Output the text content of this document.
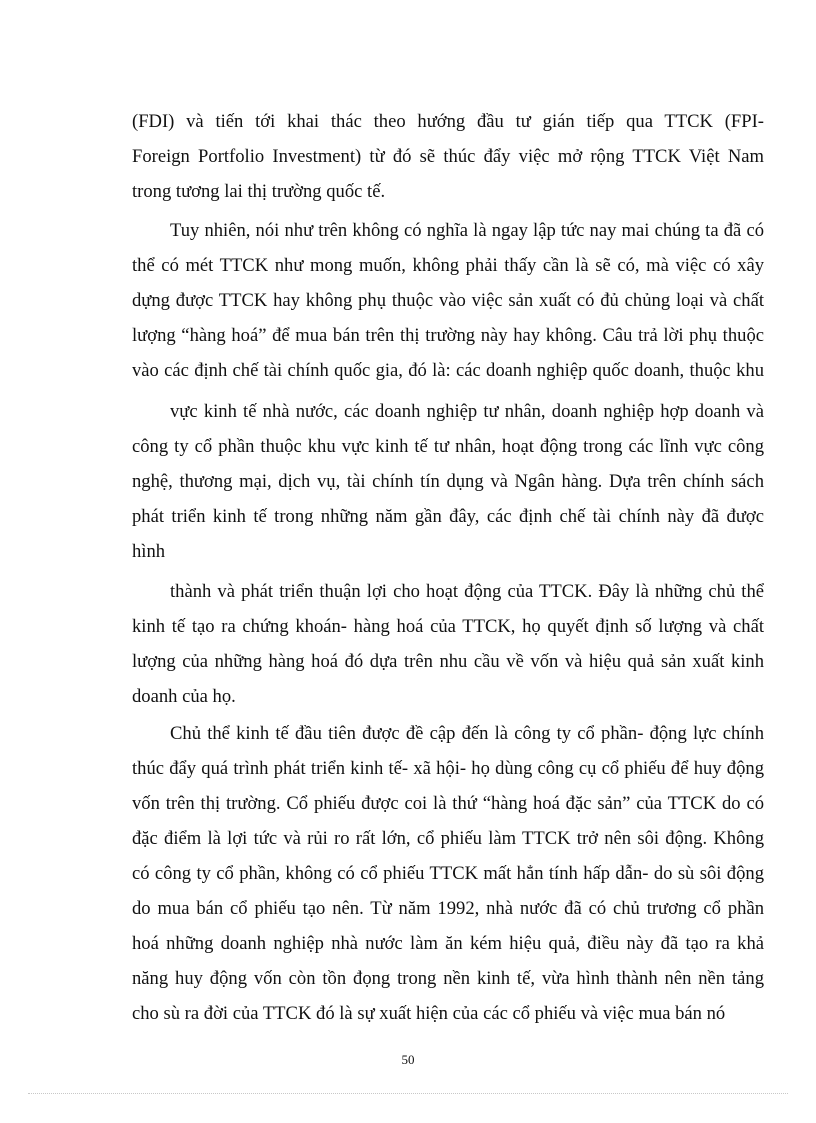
(FDI) và tiến tới khai thác theo hướng đầu tư gián tiếp qua TTCK (FPI-

Foreign Portfolio Investment) từ đó sẽ thúc đẩy việc mở rộng TTCK Việt Nam

trong tương lai thị trường quốc tế.

Tuy nhiên, nói như trên không có nghĩa là ngay lập tức nay mai chúng ta đã có

thể có mét TTCK như mong muốn, không phải thấy cần là sẽ có, mà việc có xây

dựng được TTCK hay không phụ thuộc vào việc sản xuất có đủ chủng loại và chất

lượng “hàng hoá” để mua bán trên thị trường này hay không. Câu trả lời phụ thuộc

vào các định chế tài chính quốc gia, đó là: các doanh nghiệp quốc doanh, thuộc khu

vực kinh tế nhà nước, các doanh nghiệp tư nhân, doanh nghiệp hợp doanh và

công ty cổ phần thuộc khu vực kinh tế tư nhân, hoạt động trong các lĩnh vực công

nghệ, thương mại, dịch vụ, tài chính tín dụng và Ngân hàng. Dựa trên chính sách

phát triển kinh tế trong những năm gần đây, các định chế tài chính này đã được

hình

thành và phát triển thuận lợi cho hoạt động của TTCK. Đây là những chủ thể

kinh tế tạo ra chứng khoán- hàng hoá của TTCK, họ quyết định số lượng và chất

lượng của những hàng hoá đó dựa trên nhu cầu về vốn và hiệu quả sản xuất kinh

doanh của họ.

Chủ thể kinh tế đầu tiên được đề cập đến là công ty cổ phần- động lực chính

thúc đẩy quá trình phát triển kinh tế- xã hội- họ dùng công cụ cổ phiếu để huy động

vốn trên thị trường. Cổ phiếu được coi là thứ “hàng hoá đặc sản” của TTCK do có

đặc điểm là lợi tức và rủi ro rất lớn, cổ phiếu làm TTCK trở nên sôi động. Không

có công ty cổ phần, không có cổ phiếu TTCK mất hẳn tính hấp dẫn- do sù sôi động

do mua bán cổ phiếu tạo nên. Từ năm 1992, nhà nước đã có chủ trương cổ phần

hoá những doanh nghiệp nhà nước làm ăn kém hiệu quả, điều này đã tạo ra khả

năng huy động vốn còn tồn đọng trong nền kinh tế, vừa hình thành nên nền tảng

cho sù ra đời của TTCK đó là sự xuất hiện của các cổ phiếu và việc mua bán nó

50
